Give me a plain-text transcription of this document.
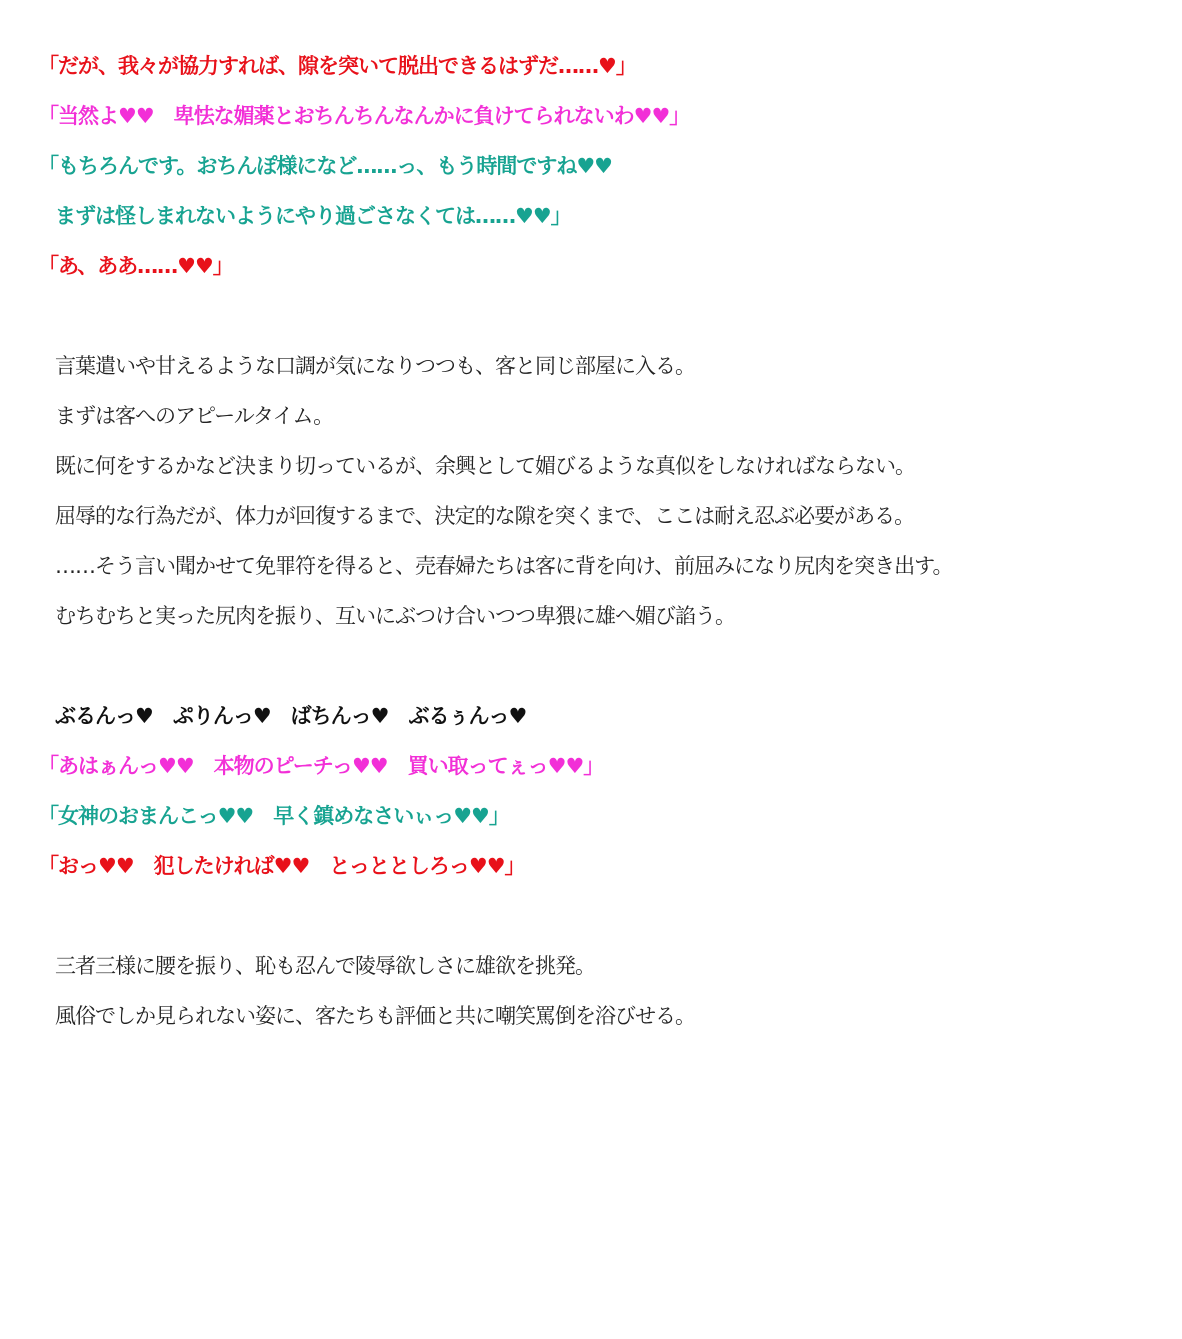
「だが、我々が協力すれば、隙を突いて脱出できるはずだ……♥」
「当然よ♥♥　卑怯な媚薬とおちんちんなんかに負けてられないわ♥♥」
「もちろんです。おちんぽ様になど……っ、もう時間ですね♥♥
まずは怪しまれないようにやり過ごさなくては……♥♥」
「あ、ああ……♥♥」
言葉遣いや甘えるような口調が気になりつつも、客と同じ部屋に入る。
まずは客へのアピールタイム。
既に何をするかなど決まり切っているが、余興として媚びるような真似をしなければならない。
屈辱的な行為だが、体力が回復するまで、決定的な隙を突くまで、ここは耐え忍ぶ必要がある。
……そう言い聞かせて免罪符を得ると、売春婦たちは客に背を向け、前屈みになり尻肉を突き出す。
むちむちと実った尻肉を振り、互いにぶつけ合いつつ卑猥に雄へ媚び諂う。
ぶるんっ♥　ぷりんっ♥　ばちんっ♥　ぶるぅんっ♥
「あはぁんっ♥♥　本物のピーチっ♥♥　買い取ってぇっ♥♥」
「女神のおまんこっ♥♥　早く鎮めなさいぃっ♥♥」
「おっ♥♥　犯したければ♥♥　とっととしろっ♥♥」
三者三様に腰を振り、恥も忍んで陵辱欲しさに雄欲を挑発。
風俗でしか見られない姿に、客たちも評価と共に嘲笑罵倒を浴びせる。
